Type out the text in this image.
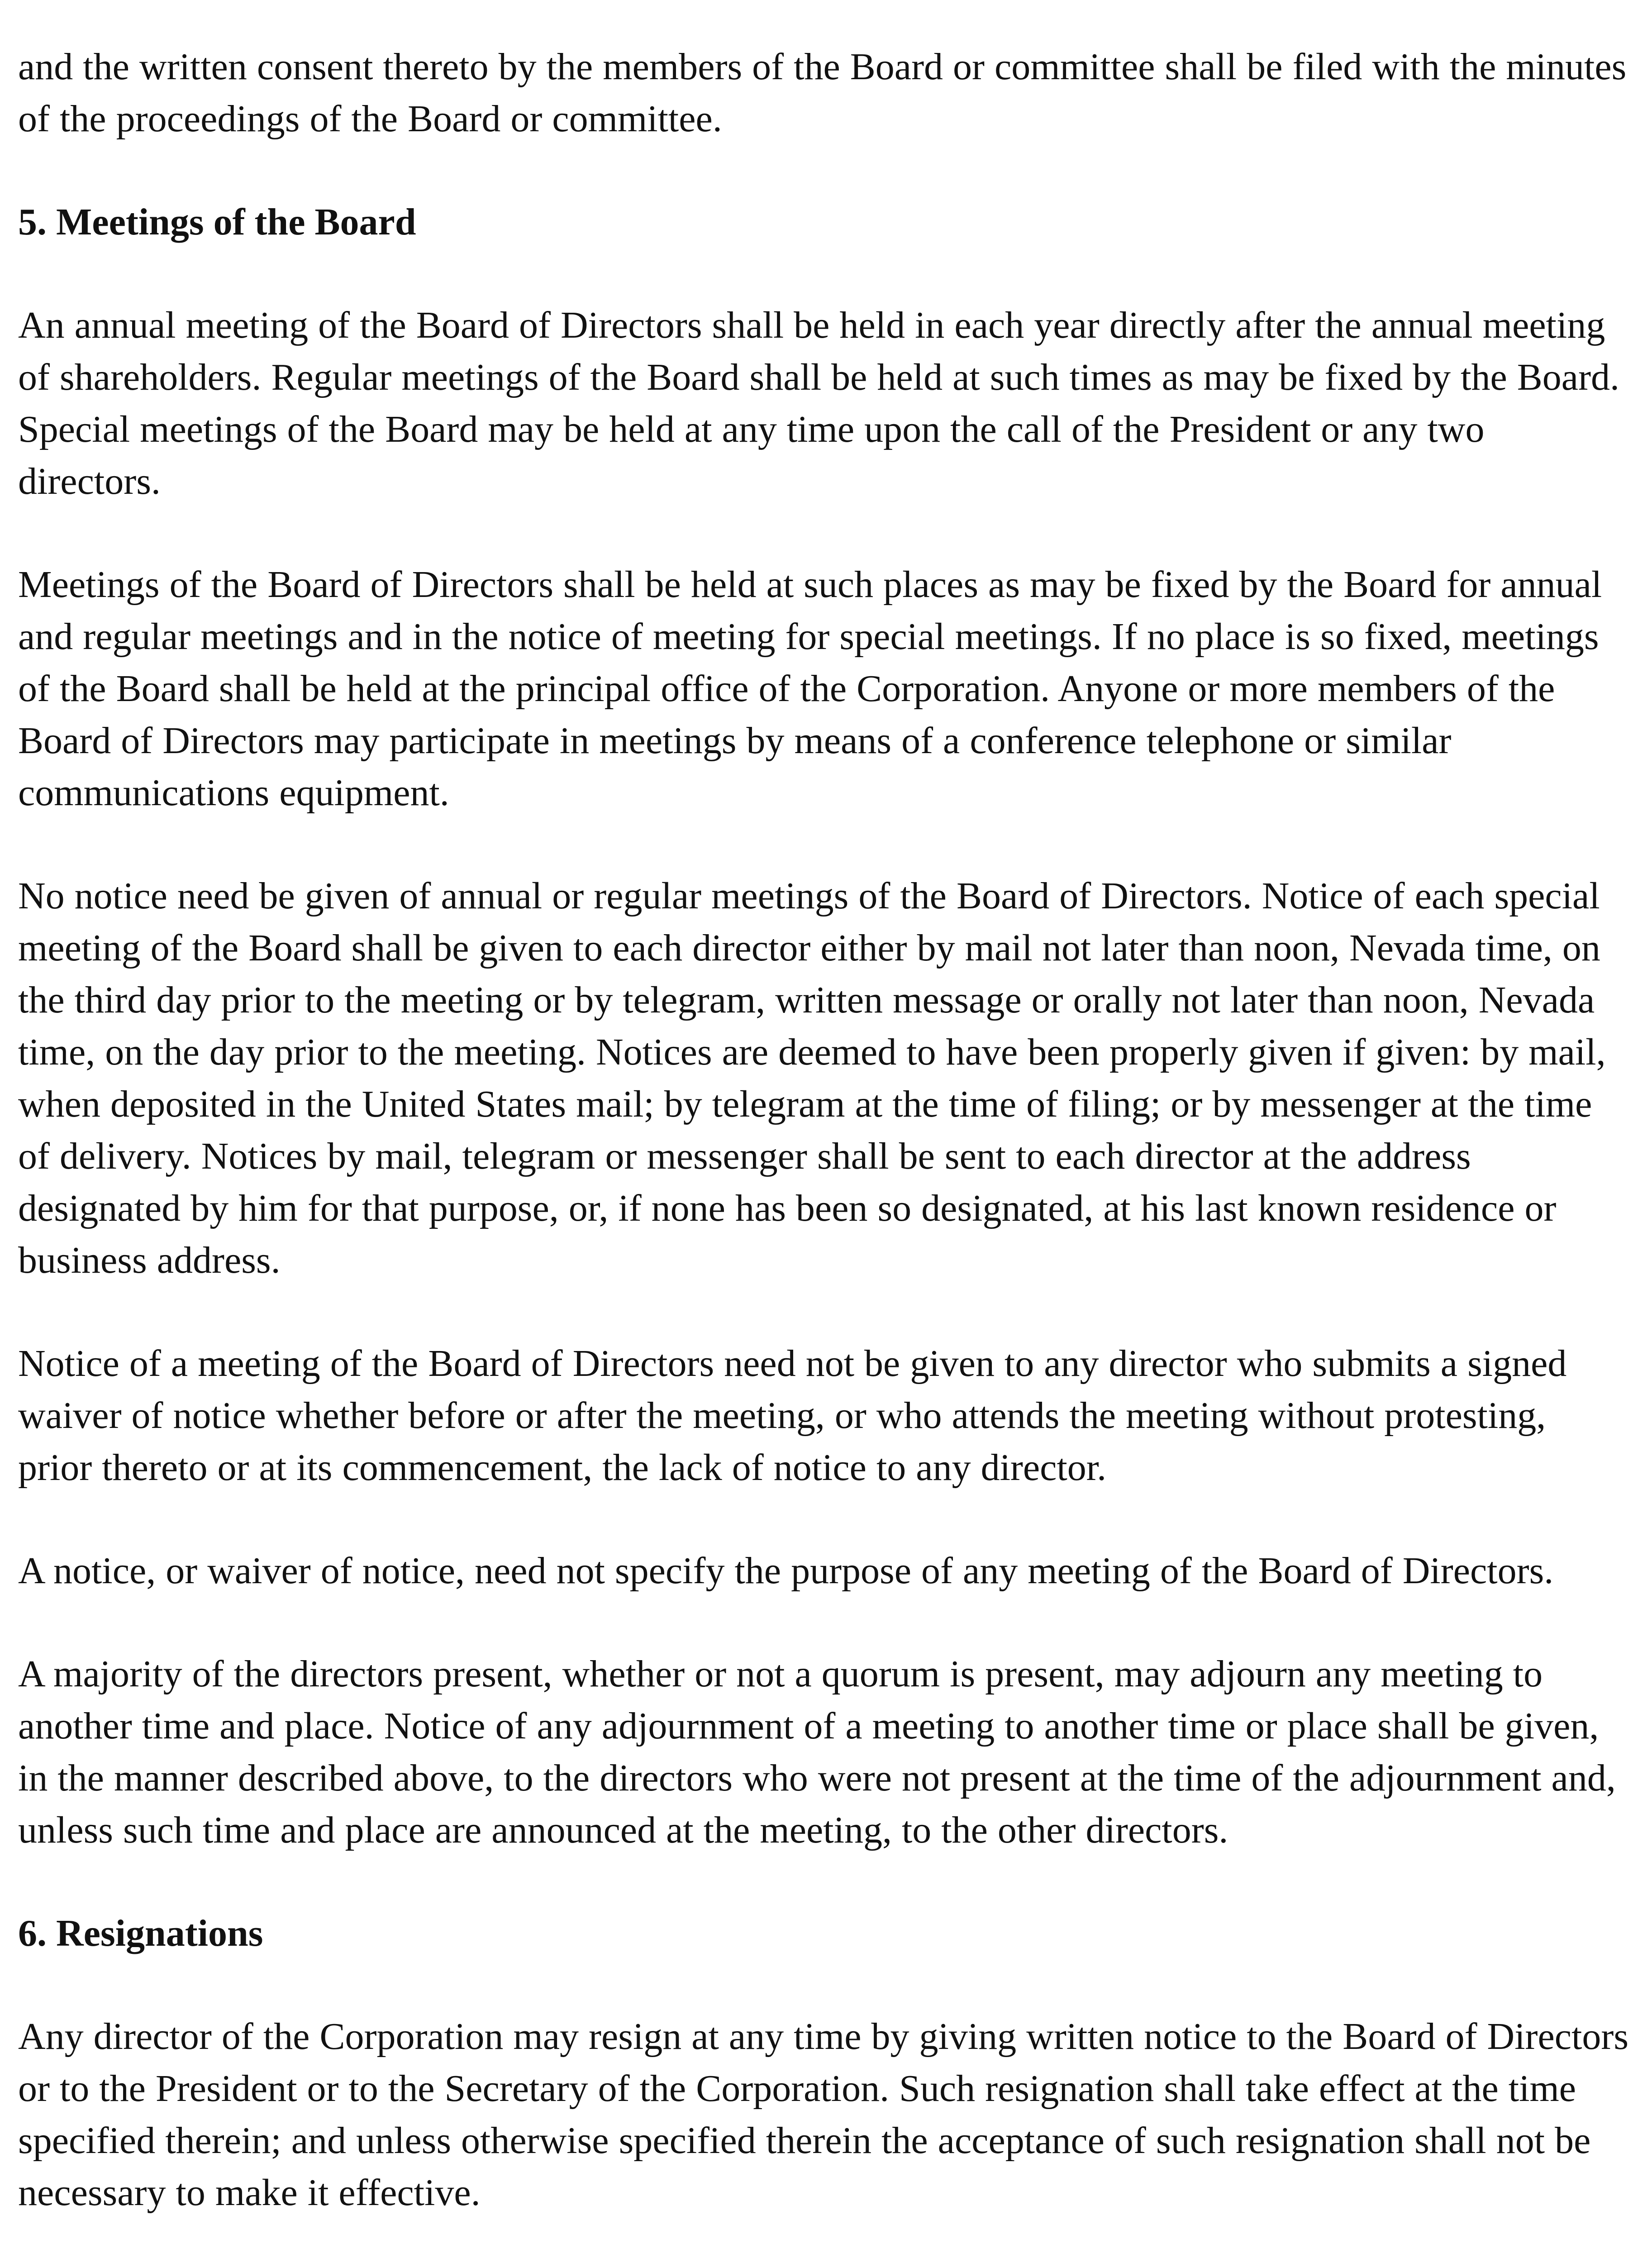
and the written consent thereto by the members of the Board or committee shall be filed with the minutes of the proceedings of the Board or committee.

5. Meetings of the Board

An annual meeting of the Board of Directors shall be held in each year directly after the annual meeting of shareholders. Regular meetings of the Board shall be held at such times as may be fixed by the Board. Special meetings of the Board may be held at any time upon the call of the President or any two directors.

Meetings of the Board of Directors shall be held at such places as may be fixed by the Board for annual and regular meetings and in the notice of meeting for special meetings. If no place is so fixed, meetings of the Board shall be held at the principal office of the Corporation. Anyone or more members of the Board of Directors may participate in meetings by means of a conference telephone or similar communications equipment.

No notice need be given of annual or regular meetings of the Board of Directors. Notice of each special meeting of the Board shall be given to each director either by mail not later than noon, Nevada time, on the third day prior to the meeting or by telegram, written message or orally not later than noon, Nevada time, on the day prior to the meeting. Notices are deemed to have been properly given if given: by mail, when deposited in the United States mail; by telegram at the time of filing; or by messenger at the time of delivery. Notices by mail, telegram or messenger shall be sent to each director at the address designated by him for that purpose, or, if none has been so designated, at his last known residence or business address.

Notice of a meeting of the Board of Directors need not be given to any director who submits a signed waiver of notice whether before or after the meeting, or who attends the meeting without protesting, prior thereto or at its commencement, the lack of notice to any director.

A notice, or waiver of notice, need not specify the purpose of any meeting of the Board of Directors.

A majority of the directors present, whether or not a quorum is present, may adjourn any meeting to another time and place. Notice of any adjournment of a meeting to another time or place shall be given, in the manner described above, to the directors who were not present at the time of the adjournment and, unless such time and place are announced at the meeting, to the other directors.

6. Resignations

Any director of the Corporation may resign at any time by giving written notice to the Board of Directors or to the President or to the Secretary of the Corporation. Such resignation shall take effect at the time specified therein; and unless otherwise specified therein the acceptance of such resignation shall not be necessary to make it effective.
